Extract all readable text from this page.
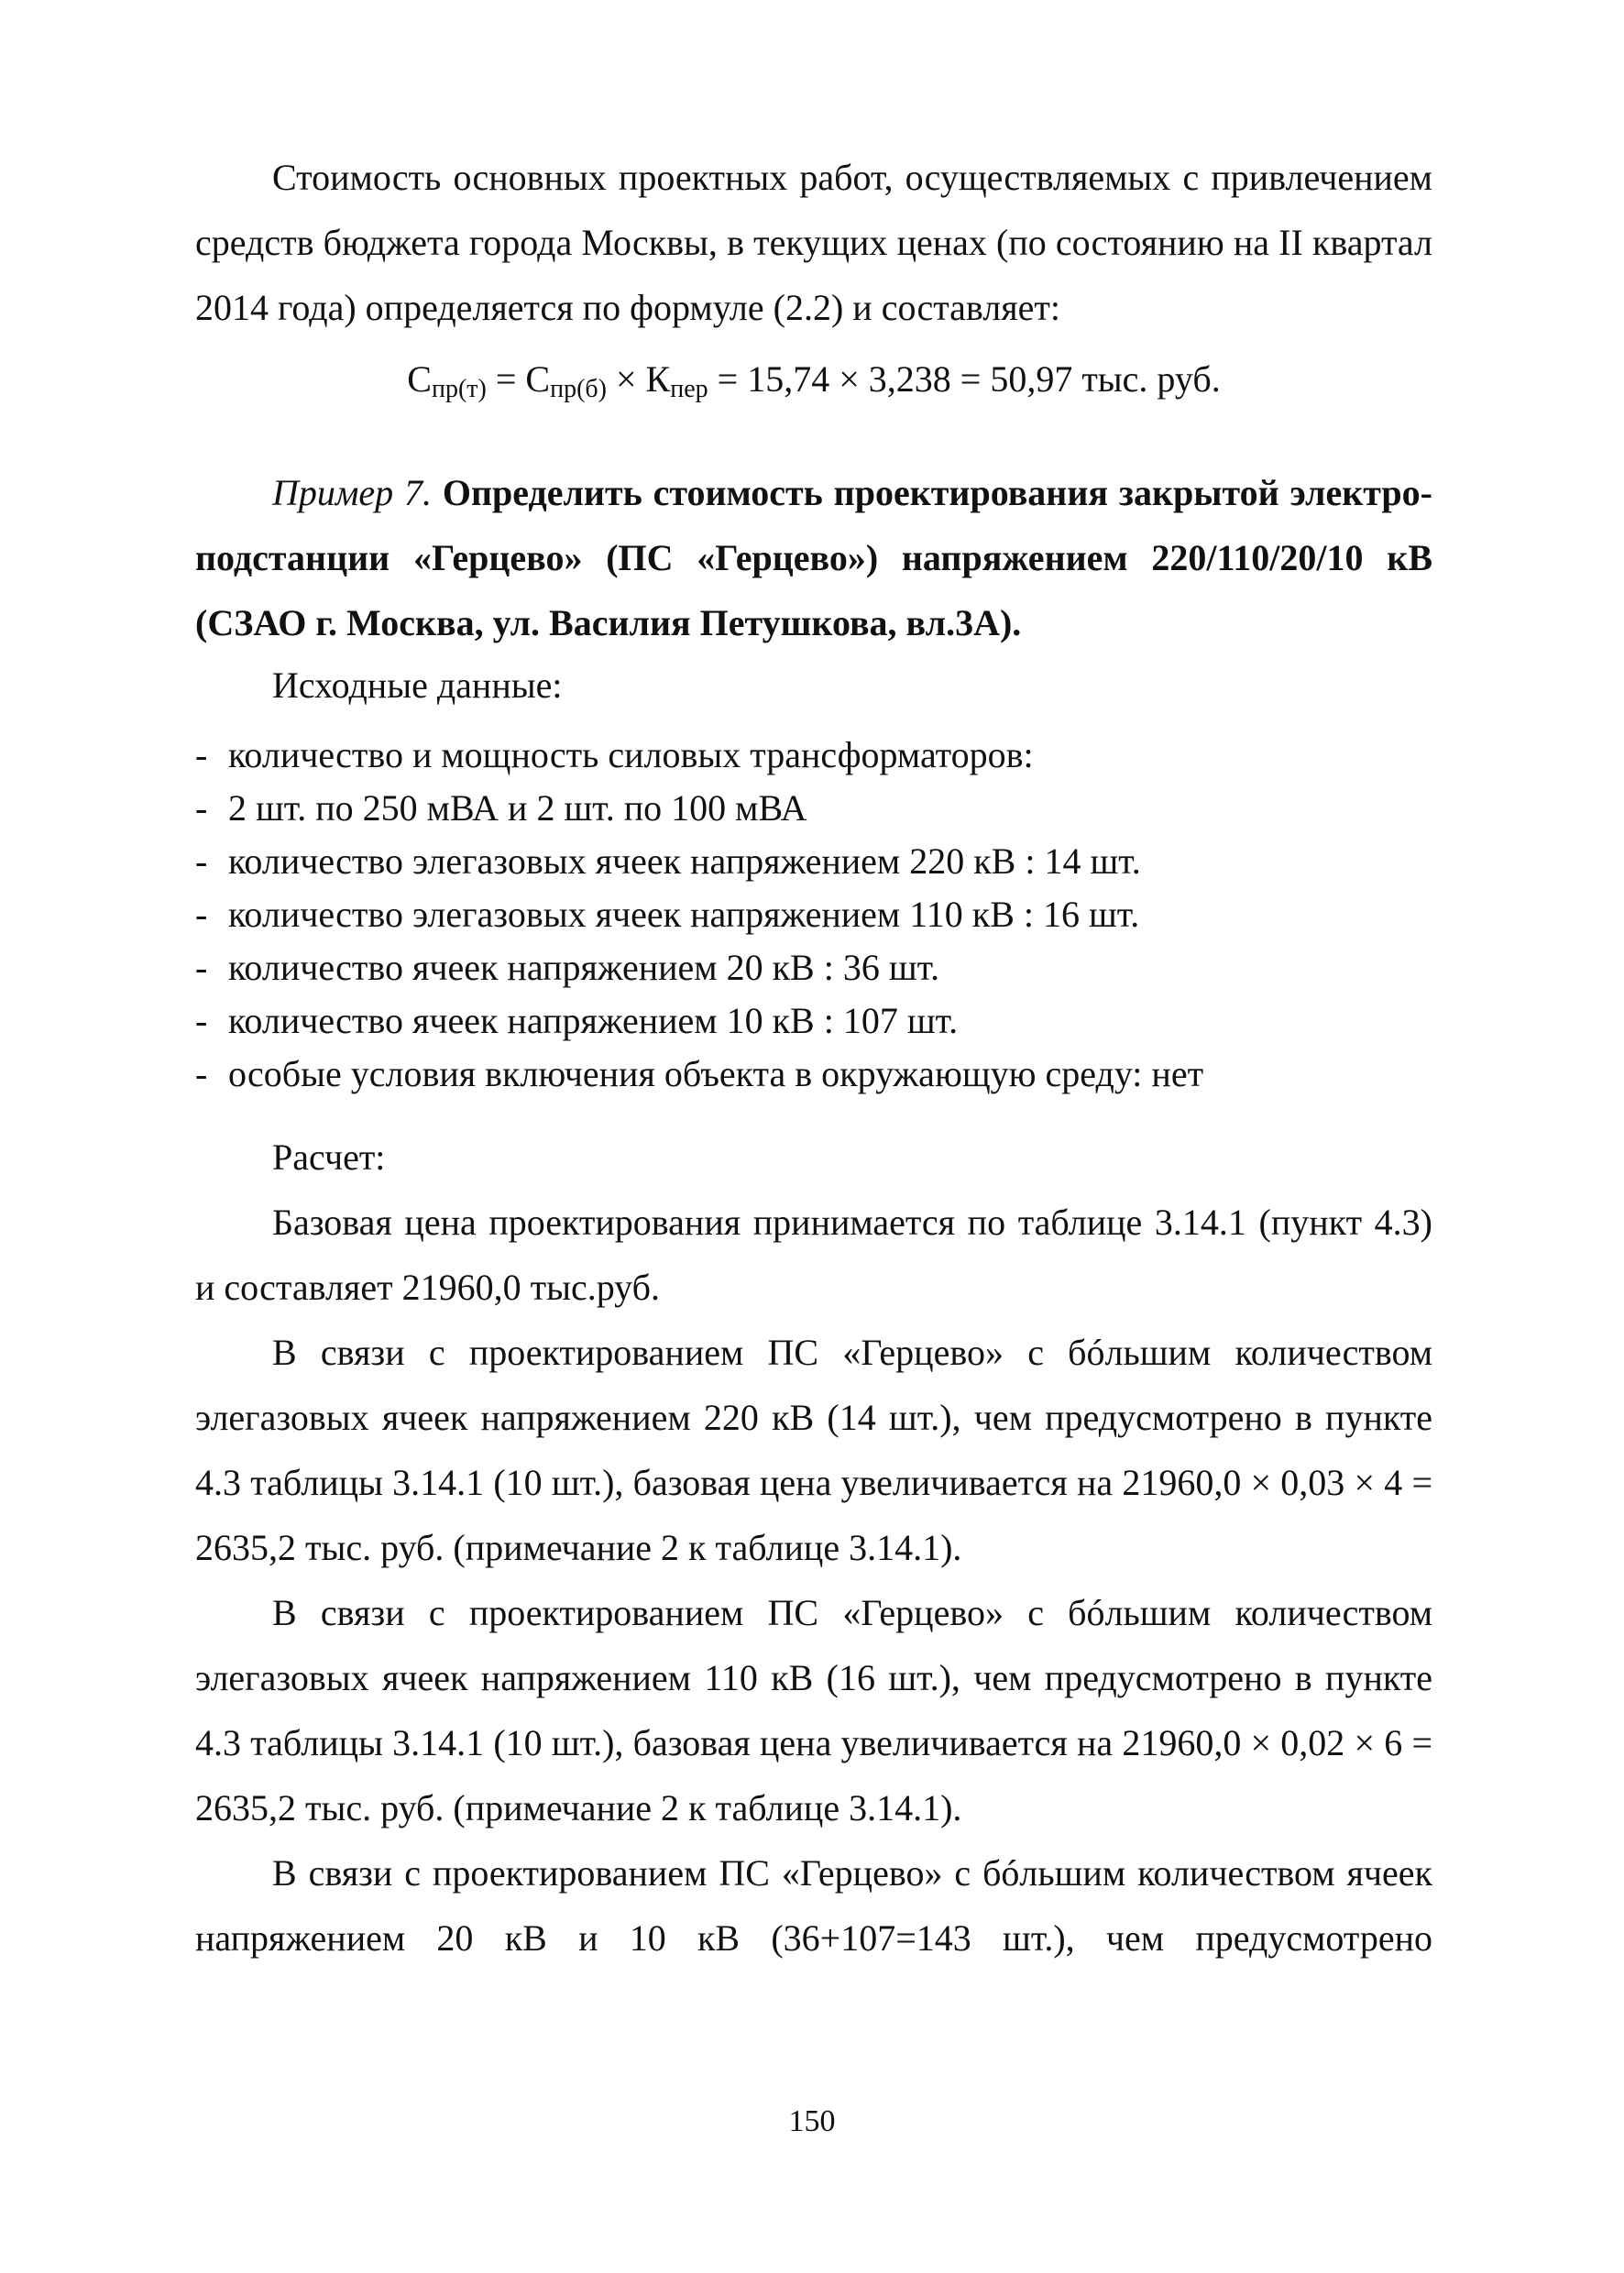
Стоимость основных проектных работ, осуществляемых с привлечением средств бюджета города Москвы, в текущих ценах (по состоянию на II квартал 2014 года) определяется по формуле (2.2) и составляет:

$С_{пр(т)} = С_{пр(б)} \times К_{пер} = 15,74 \times 3,238 = 50,97$ тыс. руб.

Пример 7. Определить стоимость проектирования закрытой электро-подстанции «Герцево» (ПС «Герцево») напряжением 220/110/20/10 кВ (СЗАО г. Москва, ул. Василия Петушкова, вл.3А).

Исходные данные:

- количество и мощность силовых трансформаторов:
- 2 шт. по 250 мВА и 2 шт. по 100 мВА
- количество элегазовых ячеек напряжением 220 кВ : 14 шт.
- количество элегазовых ячеек напряжением 110 кВ : 16 шт.
- количество ячеек напряжением 20 кВ : 36 шт.
- количество ячеек напряжением 10 кВ : 107 шт.
- особые условия включения объекта в окружающую среду: нет

Расчет:

Базовая цена проектирования принимается по таблице 3.14.1 (пункт 4.3) и составляет 21960,0 тыс.руб.

В связи с проектированием ПС «Герцево» с бóльшим количеством элегазовых ячеек напряжением 220 кВ (14 шт.), чем предусмотрено в пункте 4.3 таблицы 3.14.1 (10 шт.), базовая цена увеличивается на 21960,0 × 0,03 × 4 = 2635,2 тыс. руб. (примечание 2 к таблице 3.14.1).

В связи с проектированием ПС «Герцево» с бóльшим количеством элегазовых ячеек напряжением 110 кВ (16 шт.), чем предусмотрено в пункте 4.3 таблицы 3.14.1 (10 шт.), базовая цена увеличивается на 21960,0 × 0,02 × 6 = 2635,2 тыс. руб. (примечание 2 к таблице 3.14.1).

В связи с проектированием ПС «Герцево» с бóльшим количеством ячеек напряжением 20 кВ и 10 кВ (36+107=143 шт.), чем предусмотрено

150
